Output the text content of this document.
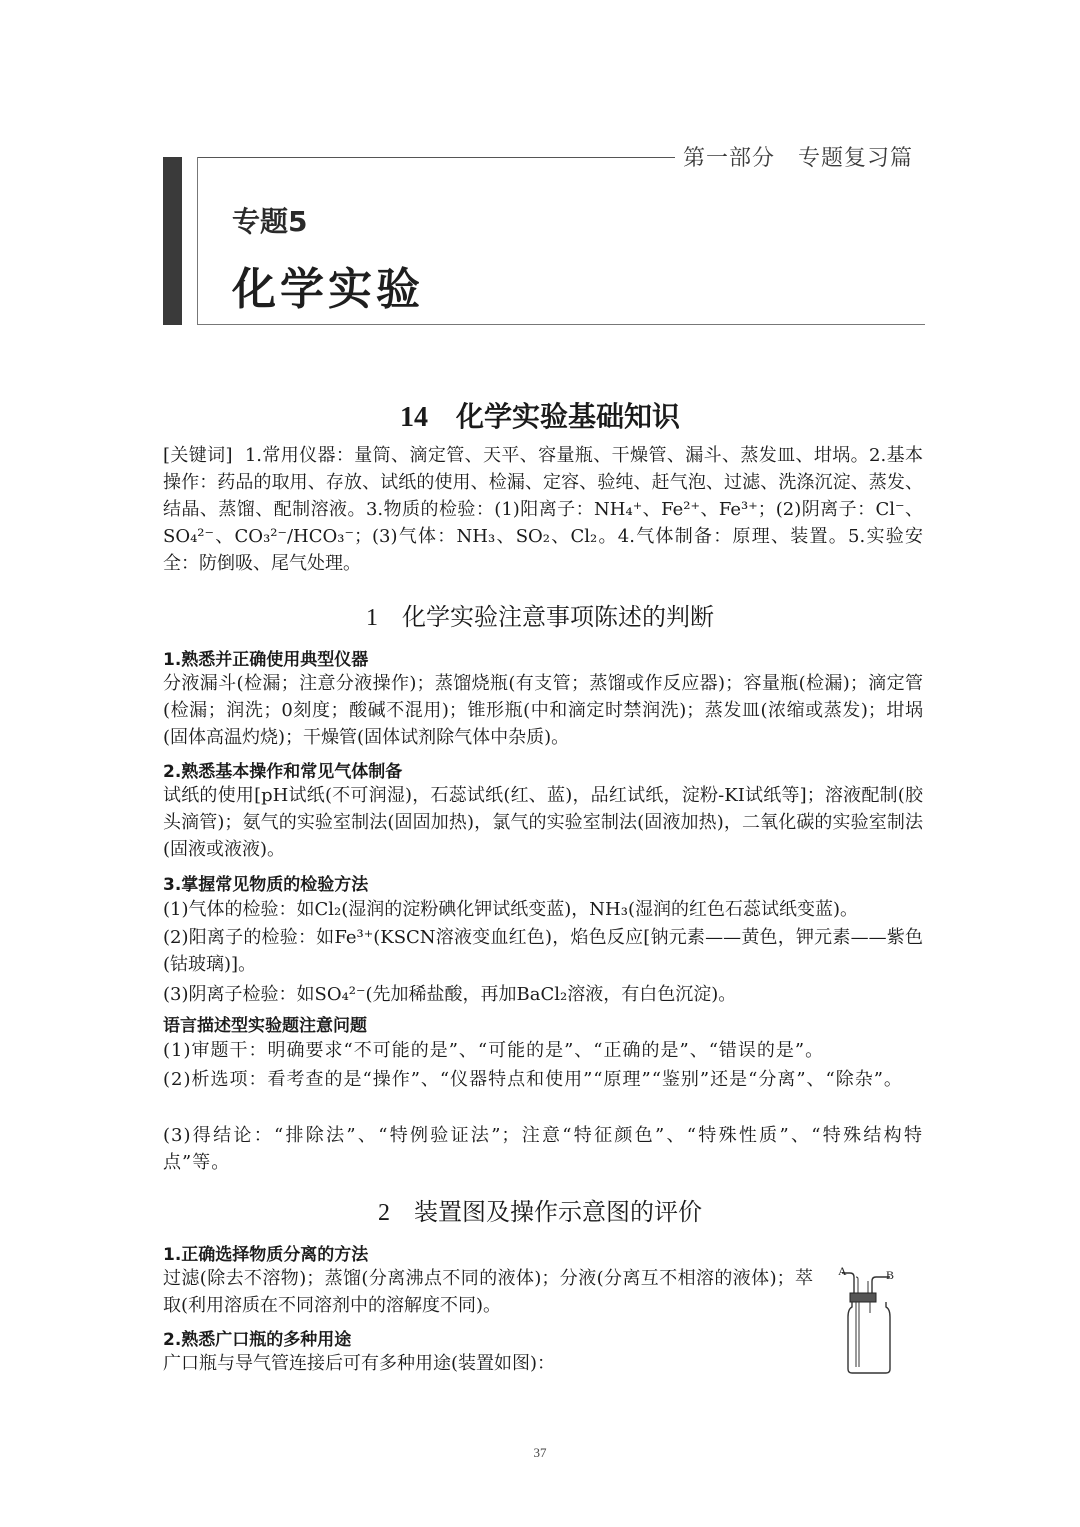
第一部分　专题复习篇
专题5
化学实验
14 化学实验基础知识
[关键词] 1.常用仪器：量筒、滴定管、天平、容量瓶、干燥管、漏斗、蒸发皿、坩埚。2.基本操作：药品的取用、存放、试纸的使用、检漏、定容、验纯、赶气泡、过滤、洗涤沉淀、蒸发、结晶、蒸馏、配制溶液。3.物质的检验：(1)阳离子：NH₄⁺、Fe²⁺、Fe³⁺；(2)阴离子：Cl⁻、SO₄²⁻、CO₃²⁻/HCO₃⁻；(3)气体：NH₃、SO₂、Cl₂。4.气体制备：原理、装置。5.实验安全：防倒吸、尾气处理。
1 化学实验注意事项陈述的判断
1.熟悉并正确使用典型仪器
分液漏斗(检漏；注意分液操作)；蒸馏烧瓶(有支管；蒸馏或作反应器)；容量瓶(检漏)；滴定管(检漏；润洗；0刻度；酸碱不混用)；锥形瓶(中和滴定时禁润洗)；蒸发皿(浓缩或蒸发)；坩埚(固体高温灼烧)；干燥管(固体试剂除气体中杂质)。
2.熟悉基本操作和常见气体制备
试纸的使用[pH试纸(不可润湿)，石蕊试纸(红、蓝)，品红试纸，淀粉-KI试纸等]；溶液配制(胶头滴管)；氨气的实验室制法(固固加热)，氯气的实验室制法(固液加热)，二氧化碳的实验室制法(固液或液液)。
3.掌握常见物质的检验方法
(1)气体的检验：如Cl₂(湿润的淀粉碘化钾试纸变蓝)，NH₃(湿润的红色石蕊试纸变蓝)。
(2)阳离子的检验：如Fe³⁺(KSCN溶液变血红色)，焰色反应[钠元素——黄色，钾元素——紫色(钴玻璃)]。
(3)阴离子检验：如SO₄²⁻(先加稀盐酸，再加BaCl₂溶液，有白色沉淀)。
语言描述型实验题注意问题
(1)审题干：明确要求“不可能的是”、“可能的是”、“正确的是”、“错误的是”。
(2)析选项：看考查的是“操作”、“仪器特点和使用”“原理”“鉴别”还是“分离”、“除杂”。
(3)得结论：“排除法”、“特例验证法”；注意“特征颜色”、“特殊性质”、“特殊结构特点”等。
2 装置图及操作示意图的评价
1.正确选择物质分离的方法
过滤(除去不溶物)；蒸馏(分离沸点不同的液体)；分液(分离互不相溶的液体)；萃取(利用溶质在不同溶剂中的溶解度不同)。
2.熟悉广口瓶的多种用途
广口瓶与导气管连接后可有多种用途(装置如图)：
A	B
37
